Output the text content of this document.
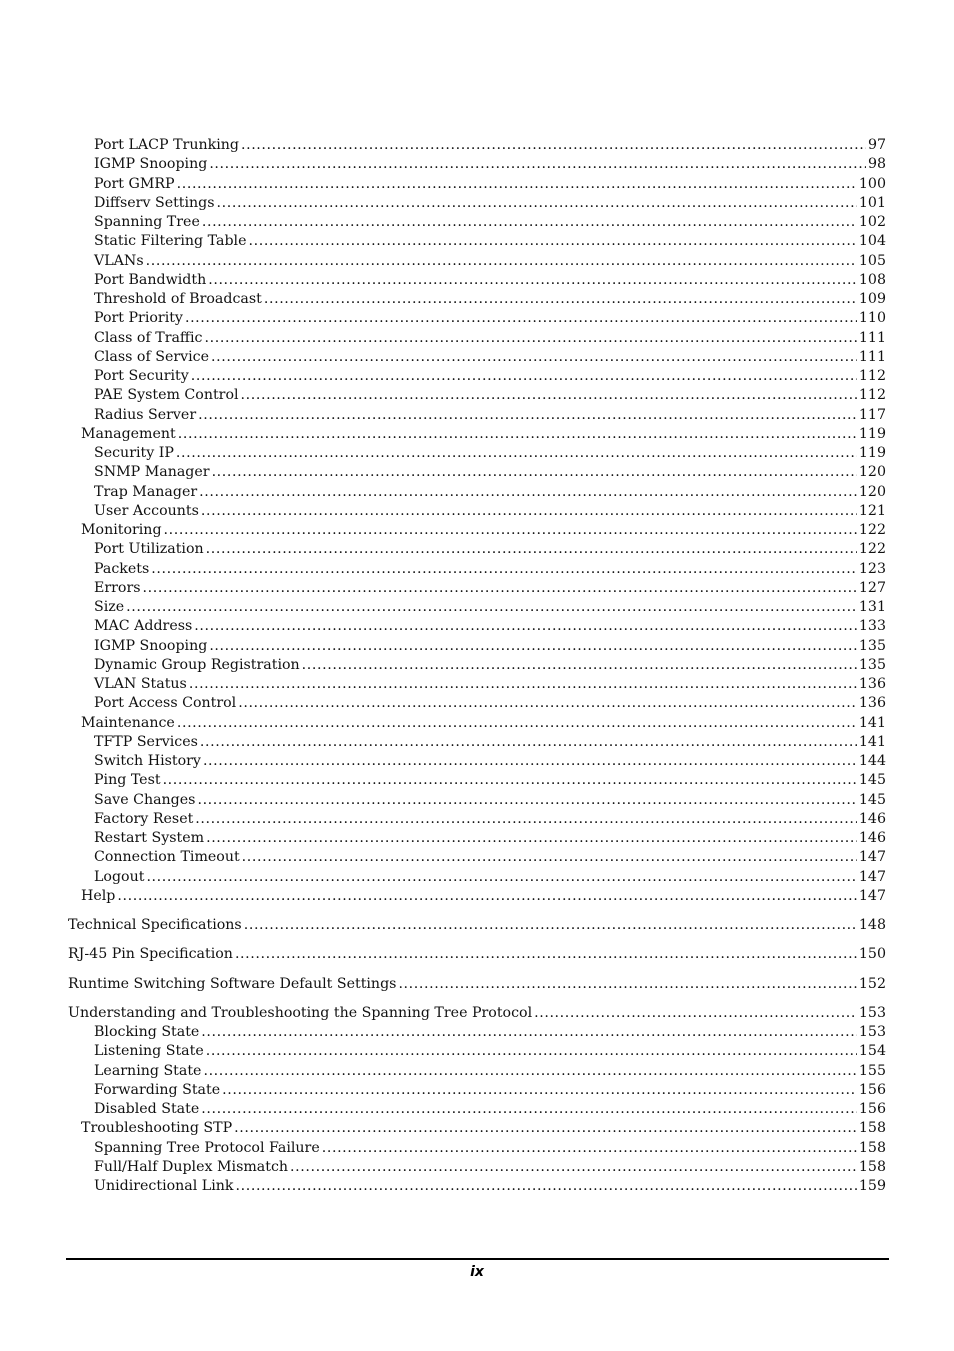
Port LACP Trunking .....	97
IGMP Snooping .....	98
Port GMRP .....	100
Diffserv Settings .....	101
Spanning Tree .....	102
Static Filtering Table .....	104
VLANs .....	105
Port Bandwidth .....	108
Threshold of Broadcast .....	109
Port Priority .....	110
Class of Traffic .....	111
Class of Service .....	111
Port Security .....	112
PAE System Control .....	112
Radius Server .....	117
Management .....	119
Security IP .....	119
SNMP Manager .....	120
Trap Manager .....	120
User Accounts .....	121
Monitoring .....	122
Port Utilization .....	122
Packets .....	123
Errors .....	127
Size .....	131
MAC Address .....	133
IGMP Snooping .....	135
Dynamic Group Registration .....	135
VLAN Status .....	136
Port Access Control .....	136
Maintenance .....	141
TFTP Services .....	141
Switch History .....	144
Ping Test .....	145
Save Changes .....	145
Factory Reset .....	146
Restart System .....	146
Connection Timeout .....	147
Logout .....	147
Help .....	147
Technical Specifications .....	148
RJ-45 Pin Specification .....	150
Runtime Switching Software Default Settings .....	152
Understanding and Troubleshooting the Spanning Tree Protocol .....	153
Blocking State .....	153
Listening State .....	154
Learning State .....	155
Forwarding State .....	156
Disabled State .....	156
Troubleshooting STP .....	158
Spanning Tree Protocol Failure .....	158
Full/Half Duplex Mismatch .....	158
Unidirectional Link .....	159
ix
